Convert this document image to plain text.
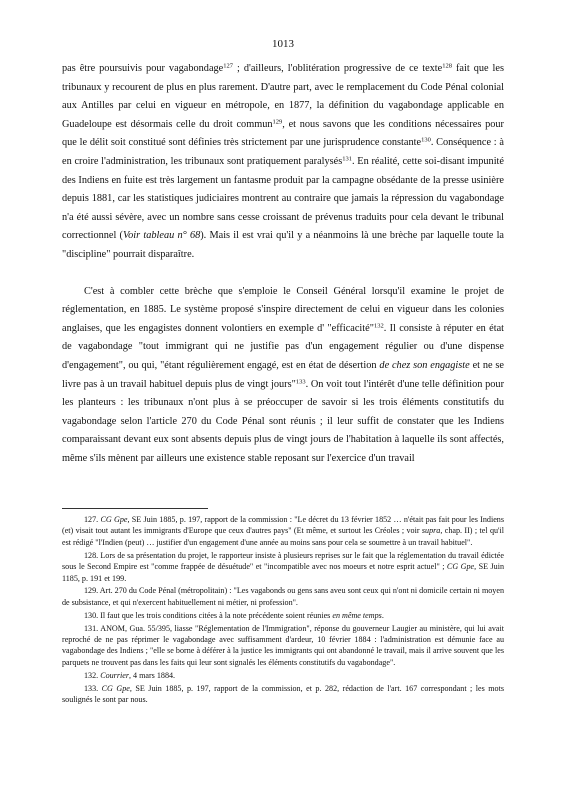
1013

pas être poursuivis pour vagabondage$^{127}$ ; d'ailleurs, l'oblitération progressive de ce texte$^{128}$ fait que les tribunaux y recourent de plus en plus rarement. D'autre part, avec le remplacement du Code Pénal colonial aux Antilles par celui en vigueur en métropole, en 1877, la définition du vagabondage applicable en Guadeloupe est désormais celle du droit commun$^{129}$, et nous savons que les conditions nécessaires pour que le délit soit constitué sont définies très strictement par une jurisprudence constante$^{130}$. Conséquence : à en croire l'administration, les tribunaux sont pratiquement paralysés$^{131}$. En réalité, cette soi-disant impunité des Indiens en fuite est très largement un fantasme produit par la campagne obsédante de la presse usinière depuis 1881, car les statistiques judiciaires montrent au contraire que jamais la répression du vagabondage n'a été aussi sévère, avec un nombre sans cesse croissant de prévenus traduits pour cela devant le tribunal correctionnel (Voir tableau n° 68). Mais il est vrai qu'il y a néanmoins là une brèche par laquelle toute la "discipline" pourrait disparaître.

C'est à combler cette brèche que s'emploie le Conseil Général lorsqu'il examine le projet de réglementation, en 1885. Le système proposé s'inspire directement de celui en vigueur dans les colonies anglaises, que les engagistes donnent volontiers en exemple d' "efficacité"$^{132}$. Il consiste à réputer en état de vagabondage "tout immigrant qui ne justifie pas d'un engagement régulier ou d'une dispense d'engagement", ou qui, "étant régulièrement engagé, est en état de désertion de chez son engagiste et ne se livre pas à un travail habituel depuis plus de vingt jours"$^{133}$. On voit tout l'intérêt d'une telle définition pour les planteurs : les tribunaux n'ont plus à se préoccuper de savoir si les trois éléments constitutifs du vagabondage selon l'article 270 du Code Pénal sont réunis ; il leur suffit de constater que les Indiens comparaissant devant eux sont absents depuis plus de vingt jours de l'habitation à laquelle ils sont affectés, même s'ils mènent par ailleurs une existence stable reposant sur l'exercice d'un travail

127. CG Gpe, SE Juin 1885, p. 197, rapport de la commission : "Le décret du 13 février 1852 … n'était pas fait pour les Indiens (et) visait tout autant les immigrants d'Europe que ceux d'autres pays" (Et même, et surtout les Créoles ; voir supra, chap. II) ; tel qu'il est rédigé "l'Indien (peut) … justifier d'un engagement d'une année au moins sans pour cela se soumettre à un travail habituel".

128. Lors de sa présentation du projet, le rapporteur insiste à plusieurs reprises sur le fait que la réglementation du travail édictée sous le Second Empire est "comme frappée de désuétude" et "incompatible avec nos moeurs et notre esprit actuel" ; CG Gpe, SE Juin 1185, p. 191 et 199.

129. Art. 270 du Code Pénal (métropolitain) : "Les vagabonds ou gens sans aveu sont ceux qui n'ont ni domicile certain ni moyen de subsistance, et qui n'exercent habituellement ni métier, ni profession".

130. Il faut que les trois conditions citées à la note précédente soient réunies en même temps.

131. ANOM, Gua. 55/395, liasse "Réglementation de l'Immigration", réponse du gouverneur Laugier au ministère, qui lui avait reproché de ne pas réprimer le vagabondage avec suffisamment d'ardeur, 10 février 1884 : l'administration est démunie face au vagabondage des Indiens ; "elle se borne à déférer à la justice les immigrants qui ont abandonné le travail, mais il arrive souvent que les parquets ne trouvent pas dans les faits qui leur sont signalés les éléments constitutifs du vagabondage".

132. Courrier, 4 mars 1884.

133. CG Gpe, SE Juin 1885, p. 197, rapport de la commission, et p. 282, rédaction de l'art. 167 correspondant ; les mots soulignés le sont par nous.
